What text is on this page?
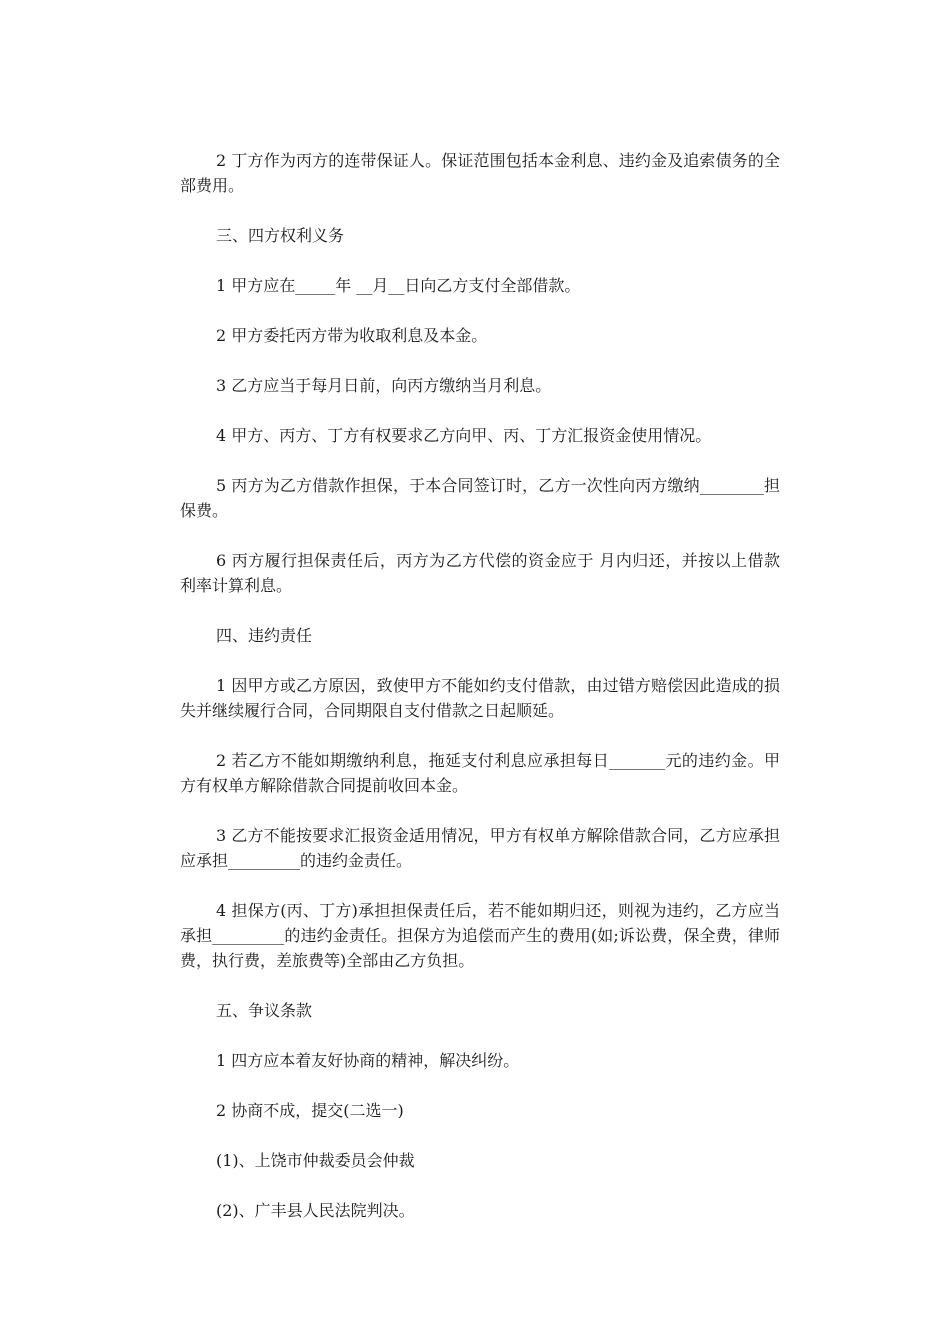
2 丁方作为丙方的连带保证人。保证范围包括本金利息、违约金及追索债务的全部费用。

三、四方权利义务

1 甲方应在_____年 __月__日向乙方支付全部借款。

2 甲方委托丙方带为收取利息及本金。

3 乙方应当于每月日前，向丙方缴纳当月利息。

4 甲方、丙方、丁方有权要求乙方向甲、丙、丁方汇报资金使用情况。

5 丙方为乙方借款作担保，于本合同签订时，乙方一次性向丙方缴纳________担保费。

6 丙方履行担保责任后，丙方为乙方代偿的资金应于 月内归还，并按以上借款利率计算利息。

四、违约责任

1 因甲方或乙方原因，致使甲方不能如约支付借款，由过错方赔偿因此造成的损失并继续履行合同，合同期限自支付借款之日起顺延。

2 若乙方不能如期缴纳利息，拖延支付利息应承担每日_______元的违约金。甲方有权单方解除借款合同提前收回本金。

3 乙方不能按要求汇报资金适用情况，甲方有权单方解除借款合同，乙方应承担应承担_________的违约金责任。

4 担保方(丙、丁方)承担担保责任后，若不能如期归还，则视为违约，乙方应当承担_________的违约金责任。担保方为追偿而产生的费用(如;诉讼费，保全费，律师费，执行费，差旅费等)全部由乙方负担。

五、争议条款

1 四方应本着友好协商的精神，解决纠纷。

2 协商不成，提交(二选一)

(1)、上饶市仲裁委员会仲裁

(2)、广丰县人民法院判决。
